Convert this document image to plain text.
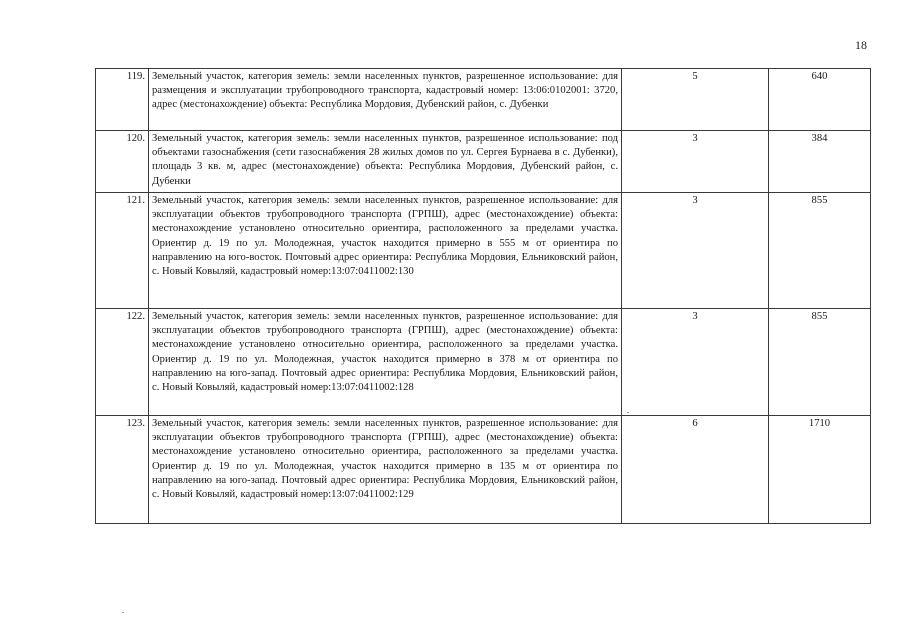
18
119.	Земельный участок, категория земель: земли населенных пунктов, разрешенное использование: для размещения и эксплуатации трубопроводного транспорта, кадастровый номер: 13:06:0102001: 3720, адрес (местонахождение) объекта: Республика Мордовия, Дубенский район, с. Дубенки	5	640
120.	Земельный участок, категория земель: земли населенных пунктов, разрешенное использование: под объектами газоснабжения (сети газоснабжения 28 жилых домов по ул. Сергея Бурнаева в с. Дубенки), площадь 3 кв. м, адрес (местонахождение) объекта: Республика Мордовия, Дубенский район, с. Дубенки	3	384
121.	Земельный участок, категория земель: земли населенных пунктов, разрешенное использование: для эксплуатации объектов трубопроводного транспорта (ГРПШ), адрес (местонахождение) объекта: местонахождение установлено относительно ориентира, расположенного за пределами участка. Ориентир д. 19 по ул. Молодежная, участок находится примерно в 555 м от ориентира по направлению на юго-восток. Почтовый адрес ориентира: Республика Мордовия, Ельниковский район, с. Новый Ковыляй, кадастровый номер:13:07:0411002:130	3	855
122.	Земельный участок, категория земель: земли населенных пунктов, разрешенное использование: для эксплуатации объектов трубопроводного транспорта (ГРПШ), адрес (местонахождение) объекта: местонахождение установлено относительно ориентира, расположенного за пределами участка. Ориентир д. 19 по ул. Молодежная, участок находится примерно в 378 м от ориентира по направлению на юго-запад. Почтовый адрес ориентира: Республика Мордовия, Ельниковский район, с. Новый Ковыляй, кадастровый номер:13:07:0411002:128	3	855
123.	Земельный участок, категория земель: земли населенных пунктов, разрешенное использование: для эксплуатации объектов трубопроводного транспорта (ГРПШ), адрес (местонахождение) объекта: местонахождение установлено относительно ориентира, расположенного за пределами участка. Ориентир д. 19 по ул. Молодежная, участок находится примерно в 135 м от ориентира по направлению на юго-запад. Почтовый адрес ориентира: Республика Мордовия, Ельниковский район, с. Новый Ковыляй, кадастровый номер:13:07:0411002:129	6	1710
